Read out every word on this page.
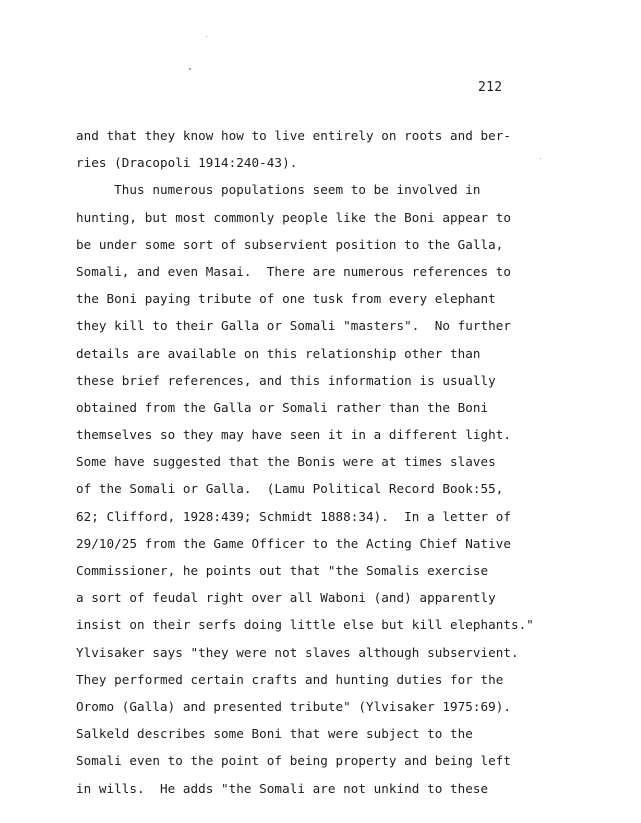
212
and that they know how to live entirely on roots and ber-
ries (Dracopoli 1914:240-43).
Thus numerous populations seem to be involved in
hunting, but most commonly people like the Boni appear to
be under some sort of subservient position to the Galla,
Somali, and even Masai.  There are numerous references to
the Boni paying tribute of one tusk from every elephant
they kill to their Galla or Somali "masters".  No further
details are available on this relationship other than
these brief references, and this information is usually
obtained from the Galla or Somali rather than the Boni
themselves so they may have seen it in a different light.
Some have suggested that the Bonis were at times slaves
of the Somali or Galla.  (Lamu Political Record Book:55,
62; Clifford, 1928:439; Schmidt 1888:34).  In a letter of
29/10/25 from the Game Officer to the Acting Chief Native
Commissioner, he points out that "the Somalis exercise
a sort of feudal right over all Waboni (and) apparently
insist on their serfs doing little else but kill elephants."
Ylvisaker says "they were not slaves although subservient.
They performed certain crafts and hunting duties for the
Oromo (Galla) and presented tribute" (Ylvisaker 1975:69).
Salkeld describes some Boni that were subject to the
Somali even to the point of being property and being left
in wills.  He adds "the Somali are not unkind to these
